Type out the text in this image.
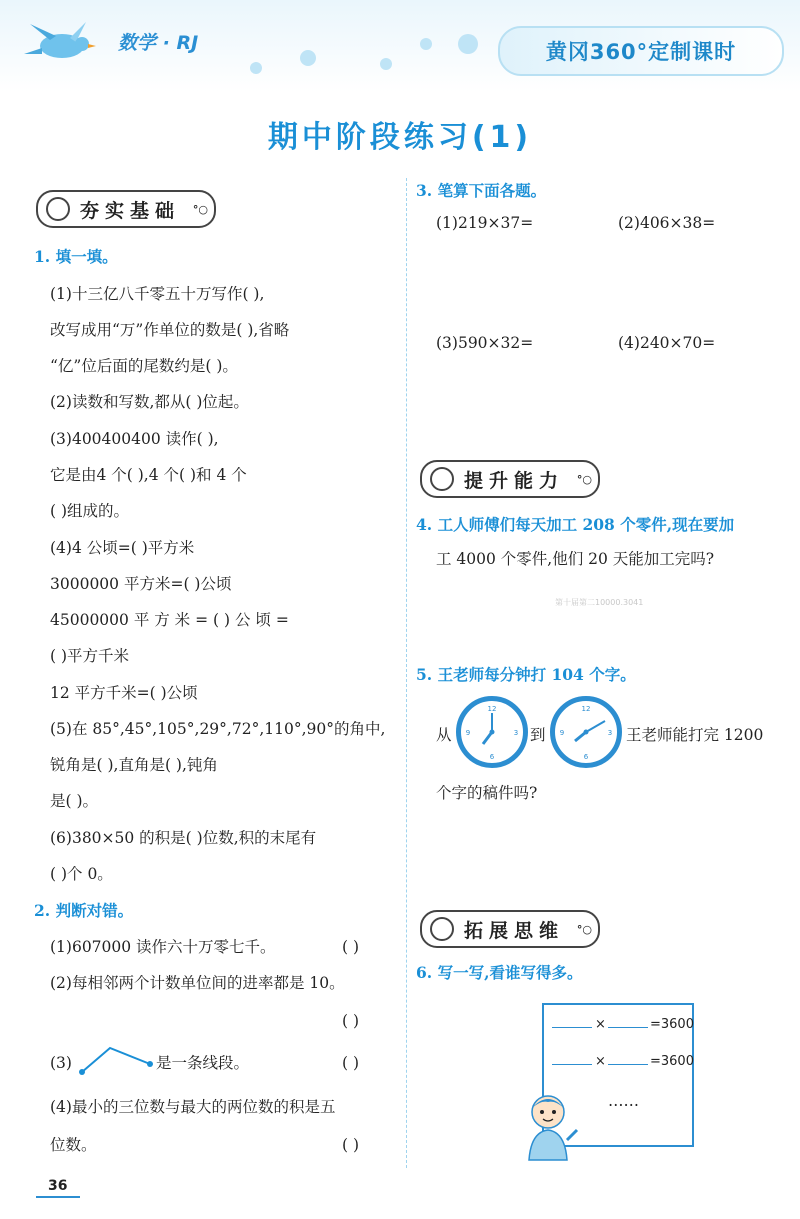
数学 · RJ	黄冈360°定制课时
期中阶段练习(1)
夯实基础 °○
1. 填一填。
(1)十三亿八千零五十万写作( ),
改写成用“万”作单位的数是( ),省略
“亿”位后面的尾数约是( )。
(2)读数和写数,都从( )位起。
(3)400400400 读作( ),
它是由4 个( ),4 个( )和 4 个
( )组成的。
(4)4 公顷=( )平方米
3000000 平方米=( )公顷
45000000 平 方 米 = ( ) 公 顷 =
( )平方千米
12 平方千米=( )公顷
(5)在 85°,45°,105°,29°,72°,110°,90°的角中,
锐角是( ),直角是( ),钝角
是( )。
(6)380×50 的积是( )位数,积的末尾有
( )个 0。
2. 判断对错。
(1)607000 读作六十万零七千。	( )
(2)每相邻两个计数单位间的进率都是 10。
( )
(3)	是一条线段。	( )
(4)最小的三位数与最大的两位数的积是五
位数。	( )
3. 笔算下面各题。
(1)219×37=	(2)406×38=
(3)590×32=	(4)240×70=
提升能力 °○
4. 工人师傅们每天加工 208 个零件,现在要加
工 4000 个零件,他们 20 天能加工完吗?
第十届第二10000.3041
5. 王老师每分钟打 104 个字。
从
12
6
3
9	到
12
6
3
9	王老师能打完 1200
个字的稿件吗?
拓展思维 °○
6. 写一写,看谁写得多。
×	=3600
×	=3600
……
36
